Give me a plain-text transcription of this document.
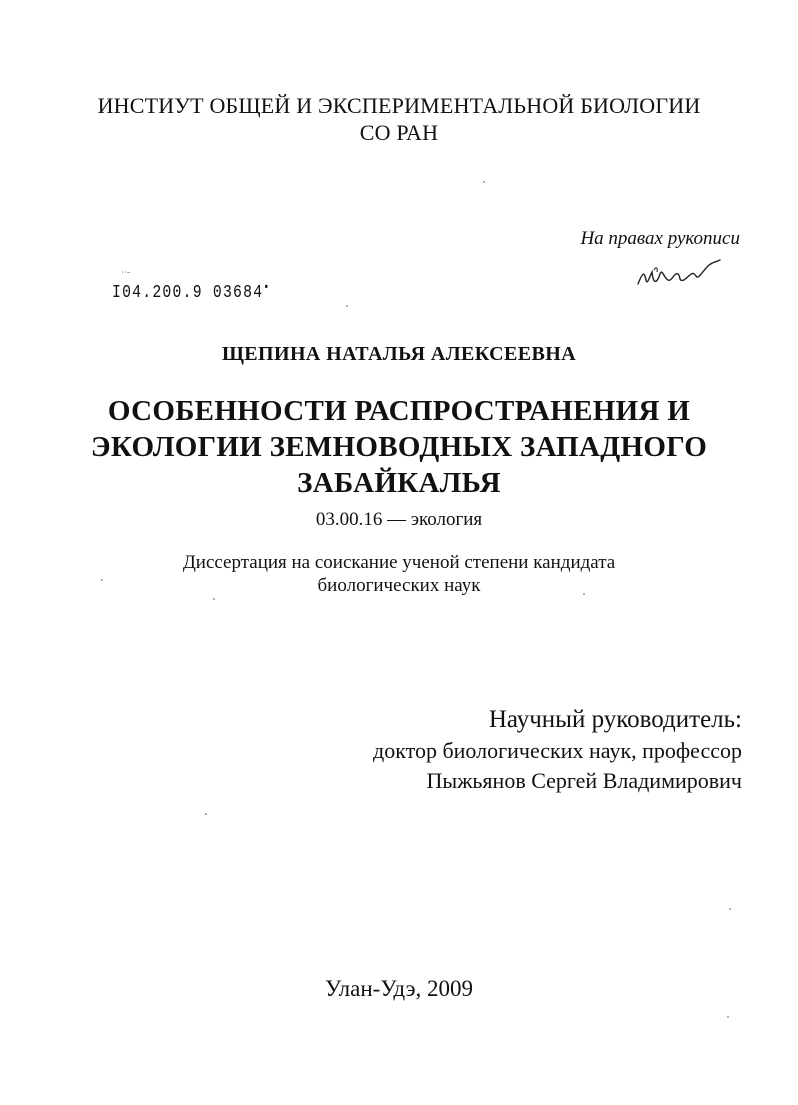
ИНСТИУТ ОБЩЕЙ И ЭКСПЕРИМЕНТАЛЬНОЙ БИОЛОГИИ
СО РАН
На правах рукописи
˙˙ˉ
І04.200.9 03684▪
ЩЕПИНА НАТАЛЬЯ АЛЕКСЕЕВНА
ОСОБЕННОСТИ РАСПРОСТРАНЕНИЯ И
ЭКОЛОГИИ ЗЕМНОВОДНЫХ ЗАПАДНОГО
ЗАБАЙКАЛЬЯ
03.00.16 — экология
Диссертация на соискание ученой степени кандидата
биологических наук
Научный руководитель:
доктор биологических наук, профессор
Пыжьянов Сергей Владимирович
Улан-Удэ, 2009
